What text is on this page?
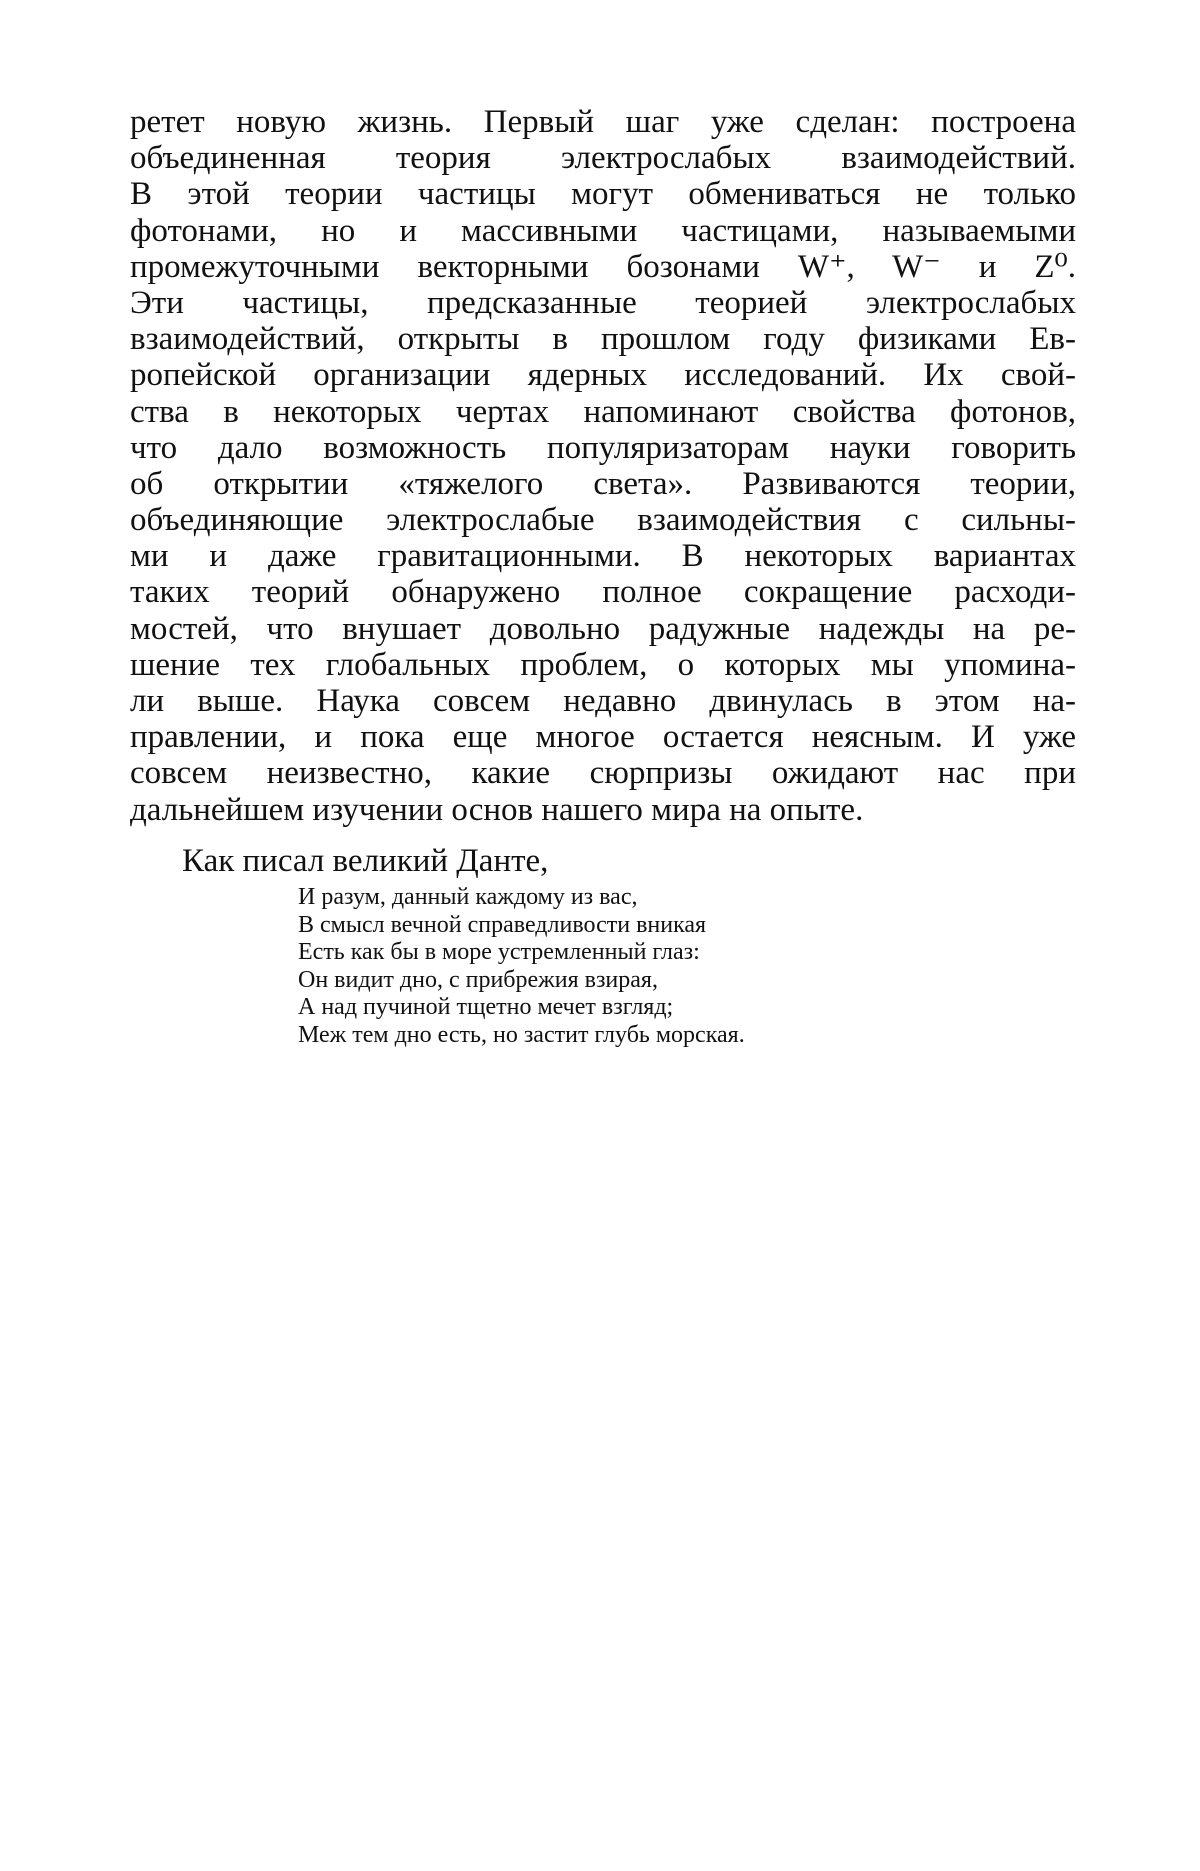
ретет новую жизнь. Первый шаг уже сделан: построена
объединенная теория электрослабых взаимодействий.
В этой теории частицы могут обмениваться не только
фотонами, но и массивными частицами, называемыми
промежуточными векторными бозонами W⁺, W⁻ и Z⁰.
Эти частицы, предсказанные теорией электрослабых
взаимодействий, открыты в прошлом году физиками Ев-
ропейской организации ядерных исследований. Их свой-
ства в некоторых чертах напоминают свойства фотонов,
что дало возможность популяризаторам науки говорить
об открытии «тяжелого света». Развиваются теории,
объединяющие электрослабые взаимодействия с сильны-
ми и даже гравитационными. В некоторых вариантах
таких теорий обнаружено полное сокращение расходи-
мостей, что внушает довольно радужные надежды на ре-
шение тех глобальных проблем, о которых мы упомина-
ли выше. Наука совсем недавно двинулась в этом на-
правлении, и пока еще многое остается неясным. И уже
совсем неизвестно, какие сюрпризы ожидают нас при
дальнейшем изучении основ нашего мира на опыте.

Как писал великий Данте,

И разум, данный каждому из вас,
В смысл вечной справедливости вникая
Есть как бы в море устремленный глаз:
Он видит дно, с прибрежия взирая,
А над пучиной тщетно мечет взгляд;
Меж тем дно есть, но застит глубь морская.
